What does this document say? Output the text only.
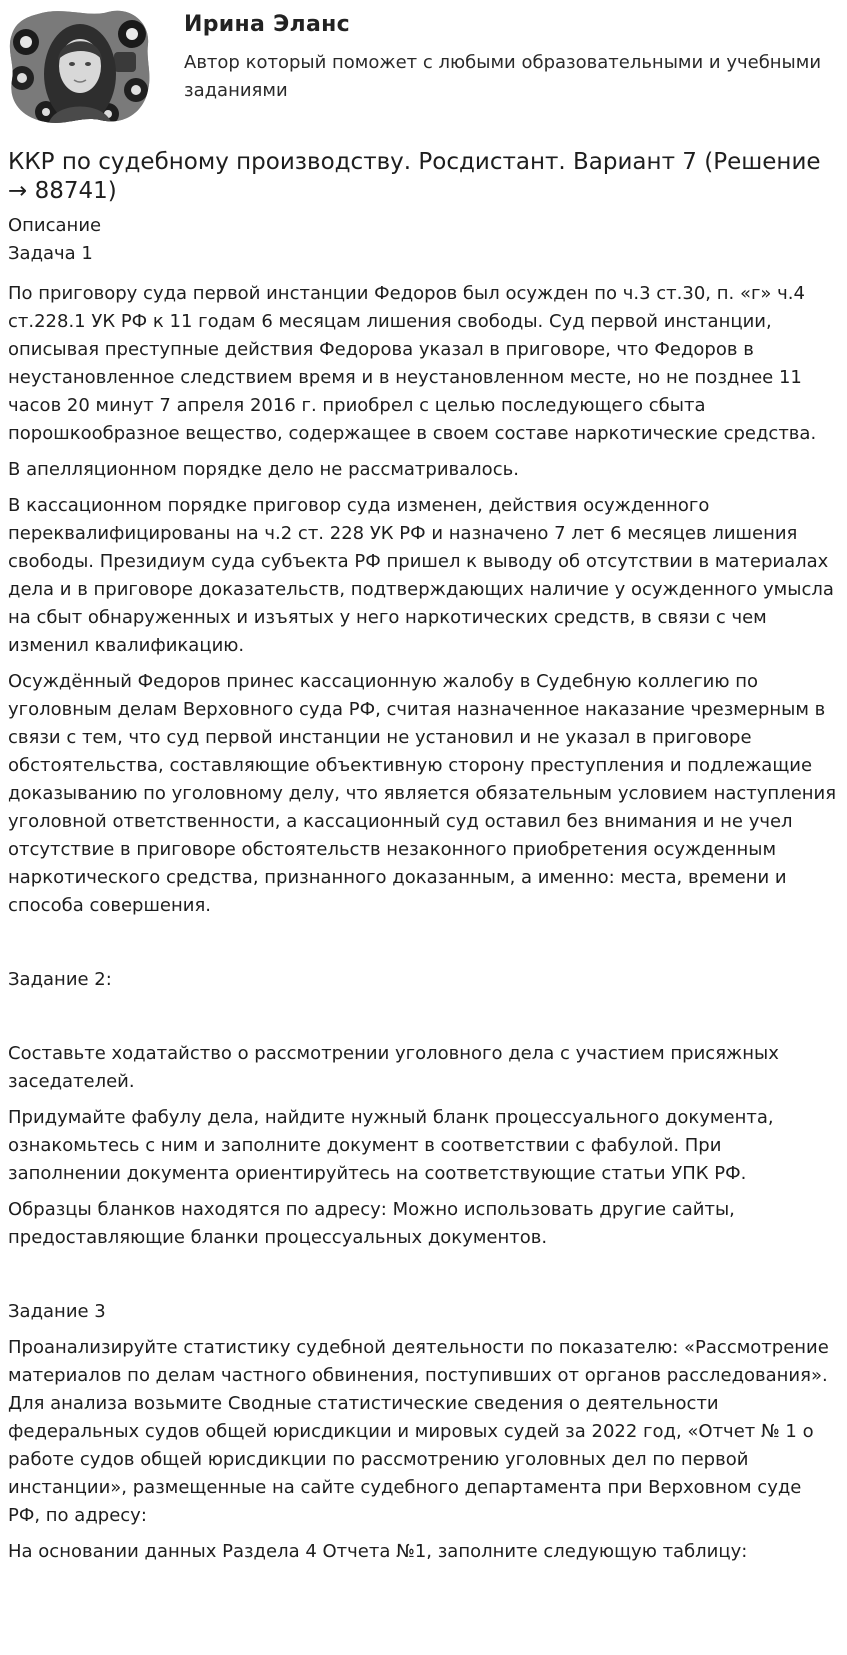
Ирина Эланс
Автор который поможет с любыми образовательными и учебными заданиями
ККР по судебному производству. Росдистант. Вариант 7 (Решение → 88741)

Описание

Задача 1

По приговору суда первой инстанции Федоров был осужден по ч.3 ст.30, п. «г» ч.4 ст.228.1 УК РФ к 11 годам 6 месяцам лишения свободы. Суд первой инстанции, описывая преступные действия Федорова указал в приговоре, что Федоров в неустановленное следствием время и в неустановленном месте, но не позднее 11 часов 20 минут 7 апреля 2016 г. приобрел с целью последующего сбыта порошкообразное вещество, содержащее в своем составе наркотические средства.

В апелляционном порядке дело не рассматривалось.

В кассационном порядке приговор суда изменен, действия осужденного переквалифицированы на ч.2 ст. 228 УК РФ и назначено 7 лет 6 месяцев лишения свободы. Президиум суда субъекта РФ пришел к выводу об отсутствии в материалах дела и в приговоре доказательств, подтверждающих наличие у осужденного умысла на сбыт обнаруженных и изъятых у него наркотических средств, в связи с чем изменил квалификацию.

Осуждённый Федоров принес кассационную жалобу в Судебную коллегию по уголовным делам Верховного суда РФ, считая назначенное наказание чрезмерным в связи с тем, что суд первой инстанции не установил и не указал в приговоре обстоятельства, составляющие объективную сторону преступления и подлежащие доказыванию по уголовному делу, что является обязательным условием наступления уголовной ответственности, а кассационный суд оставил без внимания и не учел отсутствие в приговоре обстоятельств незаконного приобретения осужденным наркотического средства, признанного доказанным, а именно: места, времени и способа совершения.

Задание 2:

Составьте ходатайство о рассмотрении уголовного дела с участием присяжных заседателей.

Придумайте фабулу дела, найдите нужный бланк процессуального документа, ознакомьтесь с ним и заполните документ в соответствии с фабулой. При заполнении документа ориентируйтесь на соответствующие статьи УПК РФ.

Образцы бланков находятся по адресу: Можно использовать другие сайты, предоставляющие бланки процессуальных документов.

Задание 3

Проанализируйте статистику судебной деятельности по показателю: «Рассмотрение материалов по делам частного обвинения, поступивших от органов расследования». Для анализа возьмите Сводные статистические сведения о деятельности федеральных судов общей юрисдикции и мировых судей за 2022 год, «Отчет № 1 о работе судов общей юрисдикции по рассмотрению уголовных дел по первой инстанции», размещенные на сайте судебного департамента при Верховном суде РФ, по адресу:

На основании данных Раздела 4 Отчета №1, заполните следующую таблицу:
